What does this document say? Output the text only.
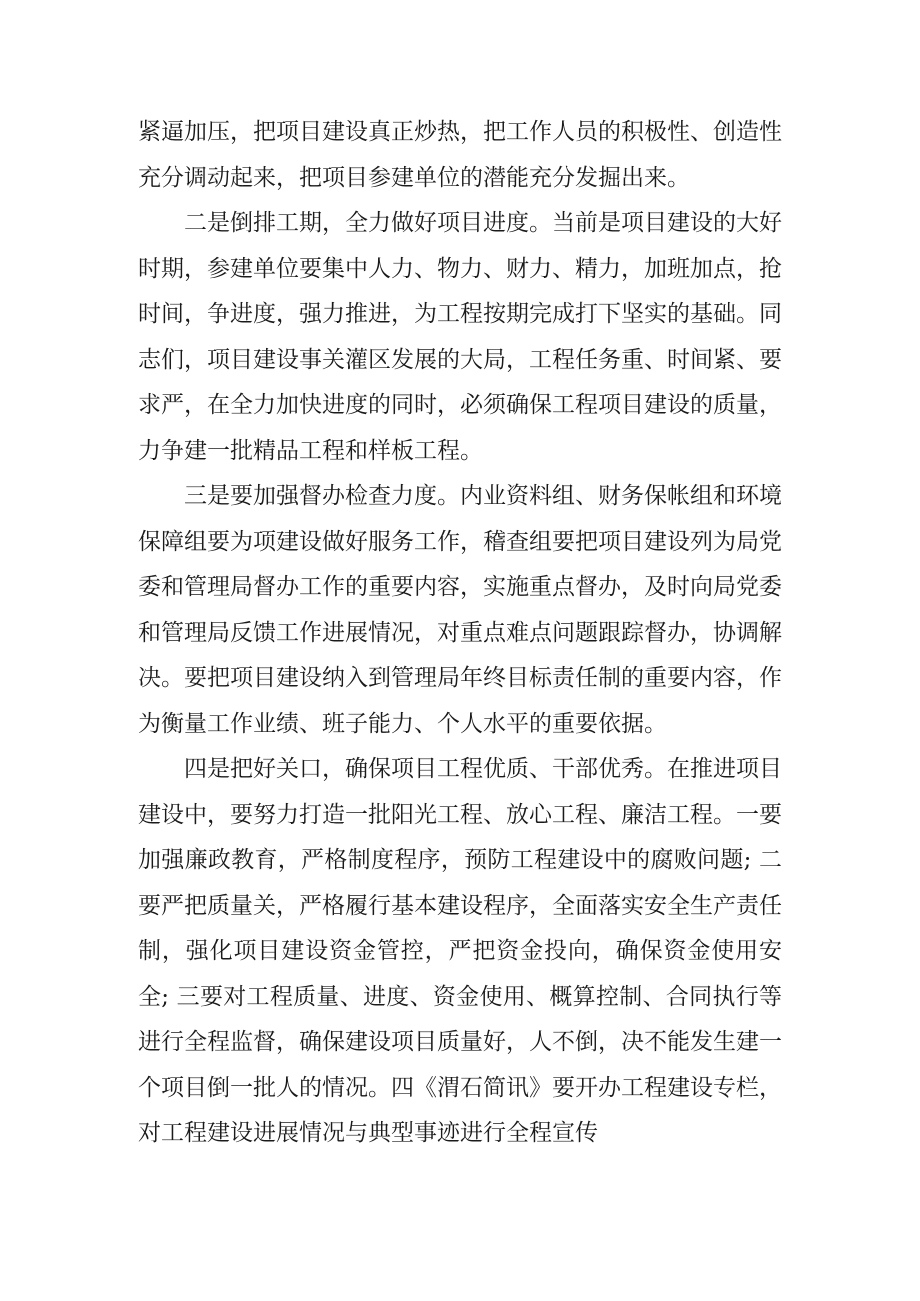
紧逼加压，把项目建设真正炒热，把工作人员的积极性、创造性充分调动起来，把项目参建单位的潜能充分发掘出来。

二是倒排工期，全力做好项目进度。当前是项目建设的大好时期，参建单位要集中人力、物力、财力、精力，加班加点，抢时间，争进度，强力推进，为工程按期完成打下坚实的基础。同志们，项目建设事关灌区发展的大局，工程任务重、时间紧、要求严，在全力加快进度的同时，必须确保工程项目建设的质量，力争建一批精品工程和样板工程。

三是要加强督办检查力度。内业资料组、财务保帐组和环境保障组要为项建设做好服务工作，稽查组要把项目建设列为局党委和管理局督办工作的重要内容，实施重点督办，及时向局党委和管理局反馈工作进展情况，对重点难点问题跟踪督办，协调解决。要把项目建设纳入到管理局年终目标责任制的重要内容，作为衡量工作业绩、班子能力、个人水平的重要依据。

四是把好关口，确保项目工程优质、干部优秀。在推进项目建设中，要努力打造一批阳光工程、放心工程、廉洁工程。一要加强廉政教育，严格制度程序，预防工程建设中的腐败问题; 二要严把质量关，严格履行基本建设程序，全面落实安全生产责任制，强化项目建设资金管控，严把资金投向，确保资金使用安全; 三要对工程质量、进度、资金使用、概算控制、合同执行等进行全程监督，确保建设项目质量好，人不倒，决不能发生建一个项目倒一批人的情况。四《渭石简讯》要开办工程建设专栏，对工程建设进展情况与典型事迹进行全程宣传
